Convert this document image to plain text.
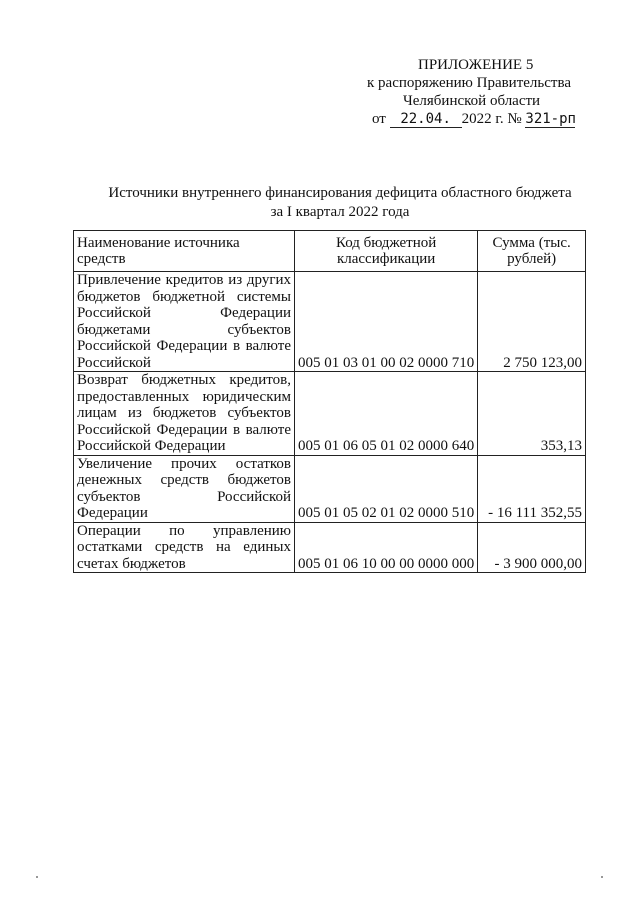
ПРИЛОЖЕНИЕ 5
к распоряжению Правительства
Челябинской области
от 22.04. 2022 г. № 321-рп
Источники внутреннего финансирования дефицита областного бюджета
за I квартал 2022 года
Наименование источника средств	Код бюджетной классификации	Сумма (тыс. рублей)
Привлечение кредитов из других бюджетов бюджетной системы Российской Федерации бюджетами субъектов Российской Федерации в валюте Российской	005 01 03 01 00 02 0000 710	2 750 123,00
Возврат бюджетных кредитов, предоставленных юридическим лицам из бюджетов субъектов Российской Федерации в валюте Российской Федерации	005 01 06 05 01 02 0000 640	353,13
Увеличение прочих остатков денежных средств бюджетов субъектов Российской Федерации	005 01 05 02 01 02 0000 510	- 16 111 352,55
Операции по управлению остатками средств на единых счетах бюджетов	005 01 06 10 00 00 0000 000	- 3 900 000,00
